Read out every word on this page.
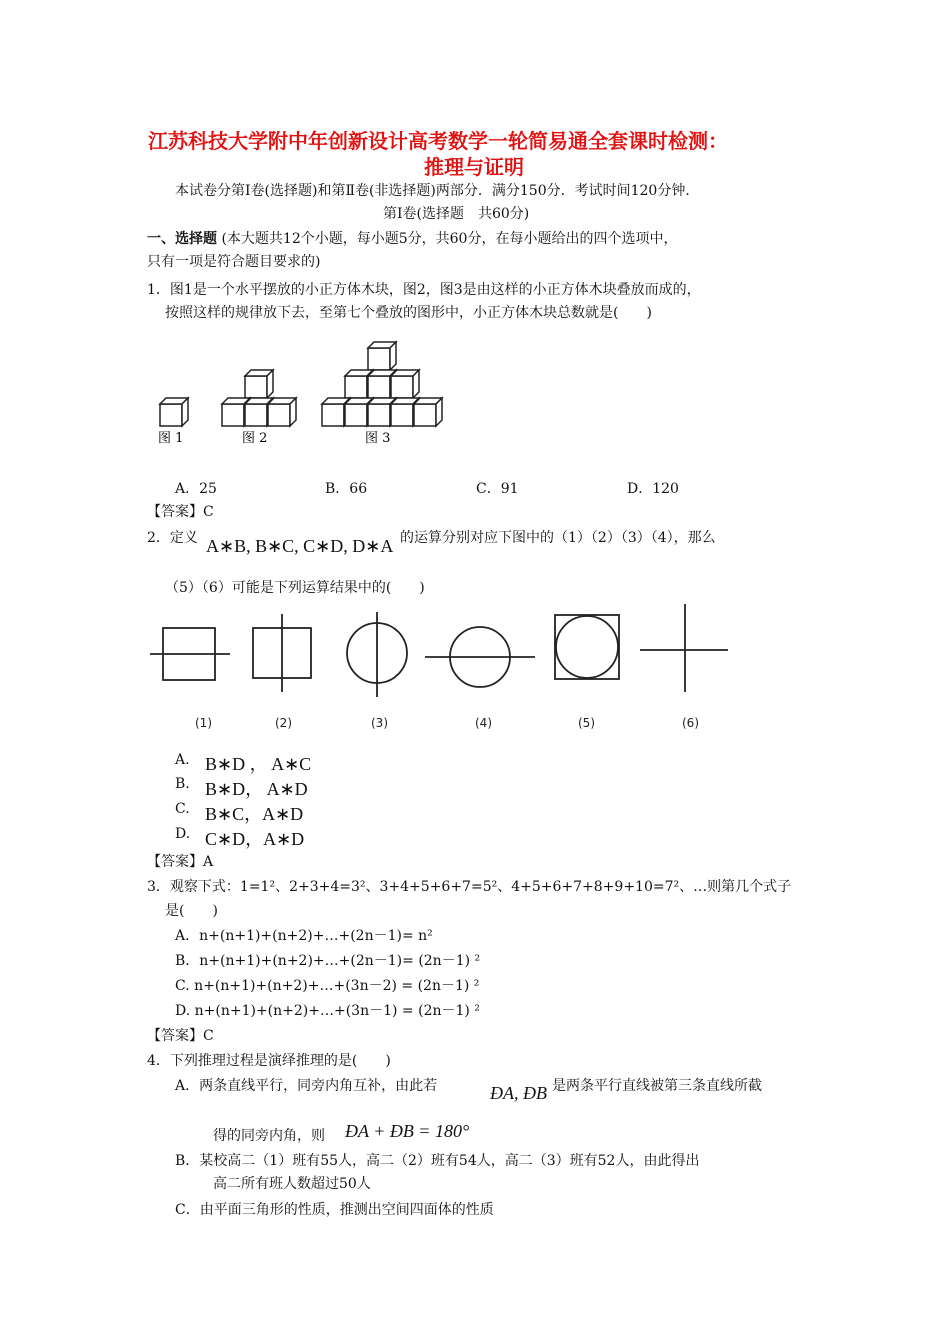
江苏科技大学附中年创新设计高考数学一轮简易通全套课时检测：
推理与证明
本试卷分第Ⅰ卷(选择题)和第Ⅱ卷(非选择题)两部分．满分150分．考试时间120分钟．
第Ⅰ卷(选择题　共60分)
一、选择题 (本大题共12个小题，每小题5分，共60分，在每小题给出的四个选项中，
只有一项是符合题目要求的)
1．图1是一个水平摆放的小正方体木块，图2，图3是由这样的小正方体木块叠放而成的，
按照这样的规律放下去，至第七个叠放的图形中，小正方体木块总数就是(　　)
图 1	图 2	图 3
A．25	B．66	C．91	D．120
【答案】C
2．定义 A∗B, B∗C, C∗D, D∗A 的运算分别对应下图中的（1）（2）（3）（4），那么
（5）（6）可能是下列运算结果中的(　　)
(1)	(2)	(3)	(4)	(5)	(6)
A. B∗D ， A∗C
B. B∗D， A∗D
C. B∗C，A∗D
D. C∗D，A∗D
【答案】A
3．观察下式：1=1²、2+3+4=3²、3+4+5+6+7=5²、4+5+6+7+8+9+10=7²、…则第几个式子
是(　　)
A．n+(n+1)+(n+2)+…+(2n－1)= n²
B．n+(n+1)+(n+2)+…+(2n－1)= (2n－1) ²
C. n+(n+1)+(n+2)+…+(3n－2) = (2n－1) ²
D. n+(n+1)+(n+2)+…+(3n－1) = (2n－1) ²
【答案】C
4．下列推理过程是演绎推理的是(　　)
A．两条直线平行，同旁内角互补，由此若	ÐA, ÐB 是两条平行直线被第三条直线所截
得的同旁内角，则 ÐA + ÐB = 180°
B．某校高二（1）班有55人，高二（2）班有54人，高二（3）班有52人，由此得出
高二所有班人数超过50人
C．由平面三角形的性质，推测出空间四面体的性质
